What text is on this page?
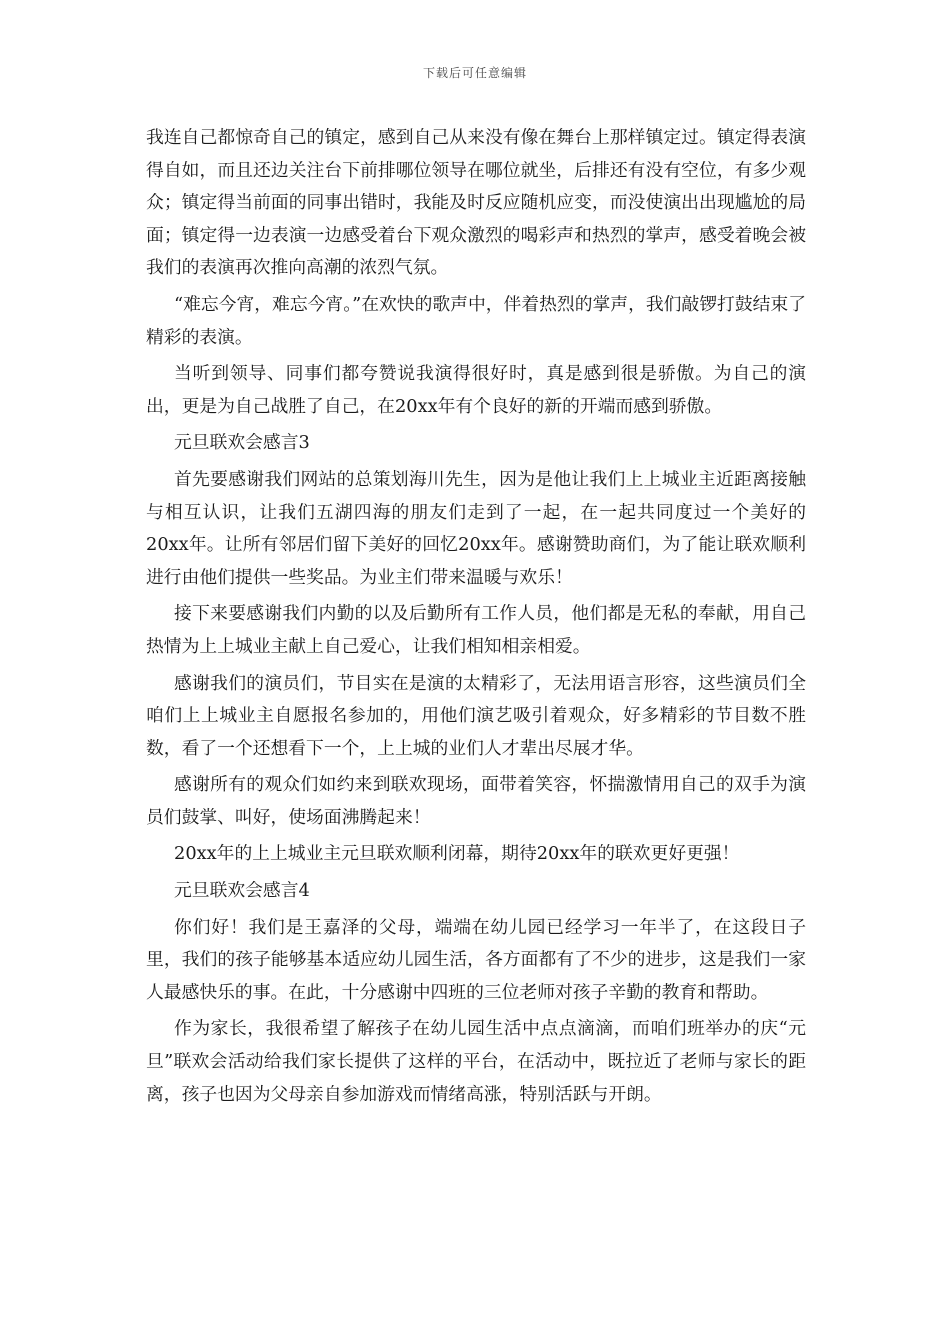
下载后可任意编辑

我连自己都惊奇自己的镇定，感到自己从来没有像在舞台上那样镇定过。镇定得表演得自如，而且还边关注台下前排哪位领导在哪位就坐，后排还有没有空位，有多少观众；镇定得当前面的同事出错时，我能及时反应随机应变，而没使演出出现尴尬的局面；镇定得一边表演一边感受着台下观众激烈的喝彩声和热烈的掌声，感受着晚会被我们的表演再次推向高潮的浓烈气氛。

“难忘今宵，难忘今宵。”在欢快的歌声中，伴着热烈的掌声，我们敲锣打鼓结束了精彩的表演。

当听到领导、同事们都夸赞说我演得很好时，真是感到很是骄傲。为自己的演出，更是为自己战胜了自己，在20xx年有个良好的新的开端而感到骄傲。

元旦联欢会感言3

首先要感谢我们网站的总策划海川先生，因为是他让我们上上城业主近距离接触与相互认识，让我们五湖四海的朋友们走到了一起，在一起共同度过一个美好的20xx年。让所有邻居们留下美好的回忆20xx年。感谢赞助商们，为了能让联欢顺利进行由他们提供一些奖品。为业主们带来温暖与欢乐！

接下来要感谢我们内勤的以及后勤所有工作人员，他们都是无私的奉献，用自己热情为上上城业主献上自己爱心，让我们相知相亲相爱。

感谢我们的演员们，节目实在是演的太精彩了，无法用语言形容，这些演员们全咱们上上城业主自愿报名参加的，用他们演艺吸引着观众，好多精彩的节目数不胜数，看了一个还想看下一个，上上城的业们人才辈出尽展才华。

感谢所有的观众们如约来到联欢现场，面带着笑容，怀揣激情用自己的双手为演员们鼓掌、叫好，使场面沸腾起来！

20xx年的上上城业主元旦联欢顺利闭幕，期待20xx年的联欢更好更强！

元旦联欢会感言4

你们好！我们是王嘉泽的父母，端端在幼儿园已经学习一年半了，在这段日子里，我们的孩子能够基本适应幼儿园生活，各方面都有了不少的进步，这是我们一家人最感快乐的事。在此，十分感谢中四班的三位老师对孩子辛勤的教育和帮助。

作为家长，我很希望了解孩子在幼儿园生活中点点滴滴，而咱们班举办的庆“元旦”联欢会活动给我们家长提供了这样的平台，在活动中，既拉近了老师与家长的距离，孩子也因为父母亲自参加游戏而情绪高涨，特别活跃与开朗。
